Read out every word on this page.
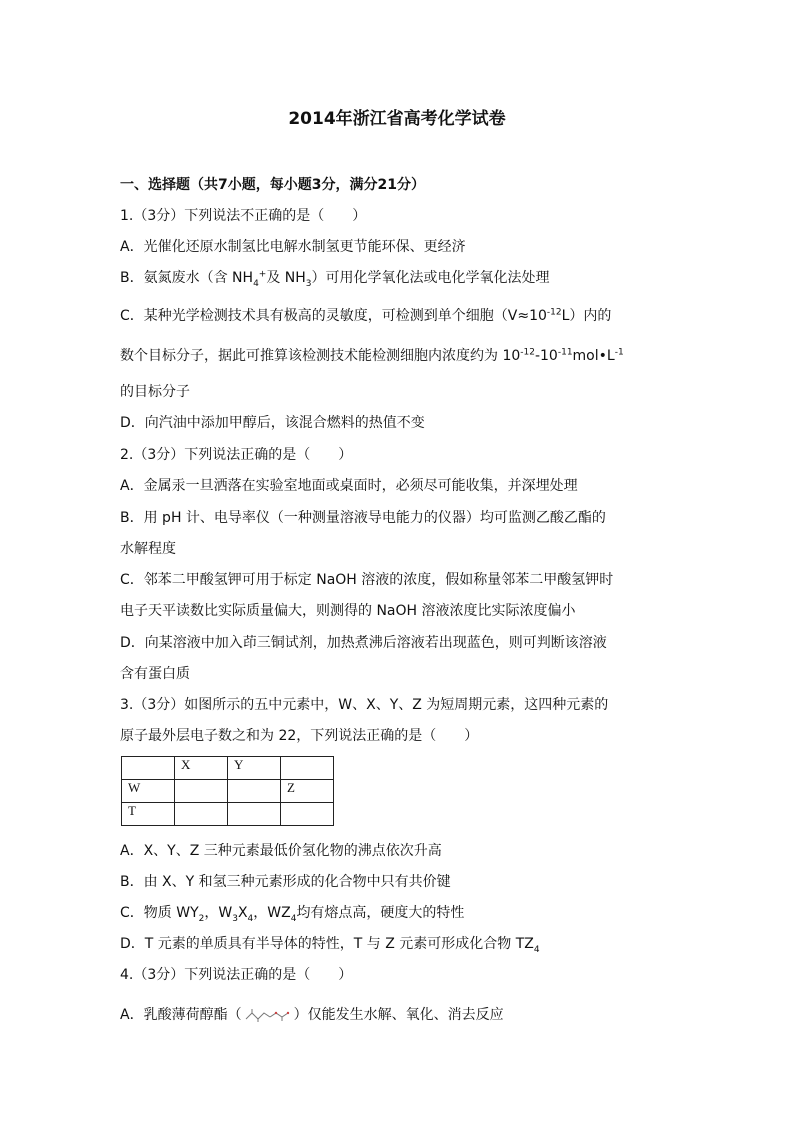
2014年浙江省高考化学试卷
一、选择题（共7小题，每小题3分，满分21分）
1.（3分）下列说法不正确的是（　　）
A．光催化还原水制氢比电解水制氢更节能环保、更经济
B．氨氮废水（含 $NH_4^+$及 $NH_3$）可用化学氧化法或电化学氧化法处理
C．某种光学检测技术具有极高的灵敏度，可检测到单个细胞$(V\approx 10^{-12}L)$内的
数个目标分子，据此可推算该检测技术能检测细胞内浓度约为 $10^{-12}-10^{-11}mol•L^{-1}$
的目标分子
D．向汽油中添加甲醇后，该混合燃料的热值不变
2.（3分）下列说法正确的是（　　）
A．金属汞一旦洒落在实验室地面或桌面时，必须尽可能收集，并深埋处理
B．用 pH 计、电导率仪（一种测量溶液导电能力的仪器）均可监测乙酸乙酯的
水解程度
C．邻苯二甲酸氢钾可用于标定 NaOH 溶液的浓度，假如称量邻苯二甲酸氢钾时
电子天平读数比实际质量偏大，则测得的 NaOH 溶液浓度比实际浓度偏小
D．向某溶液中加入茚三铜试剂，加热煮沸后溶液若出现蓝色，则可判断该溶液
含有蛋白质
3.（3分）如图所示的五中元素中，W、X、Y、Z 为短周期元素，这四种元素的
原子最外层电子数之和为 22，下列说法正确的是（　　）
	X	Y	
W			Z
T			
A．X、Y、Z 三种元素最低价氢化物的沸点依次升高
B．由 X、Y 和氢三种元素形成的化合物中只有共价键
C．物质 $WY_2$，$W_3X_4$，$WZ_4$均有熔点高，硬度大的特性
D．T 元素的单质具有半导体的特性，T 与 Z 元素可形成化合物 $TZ_4$
4.（3分）下列说法正确的是（　　）
A．乳酸薄荷醇酯（	）仅能发生水解、氧化、消去反应
